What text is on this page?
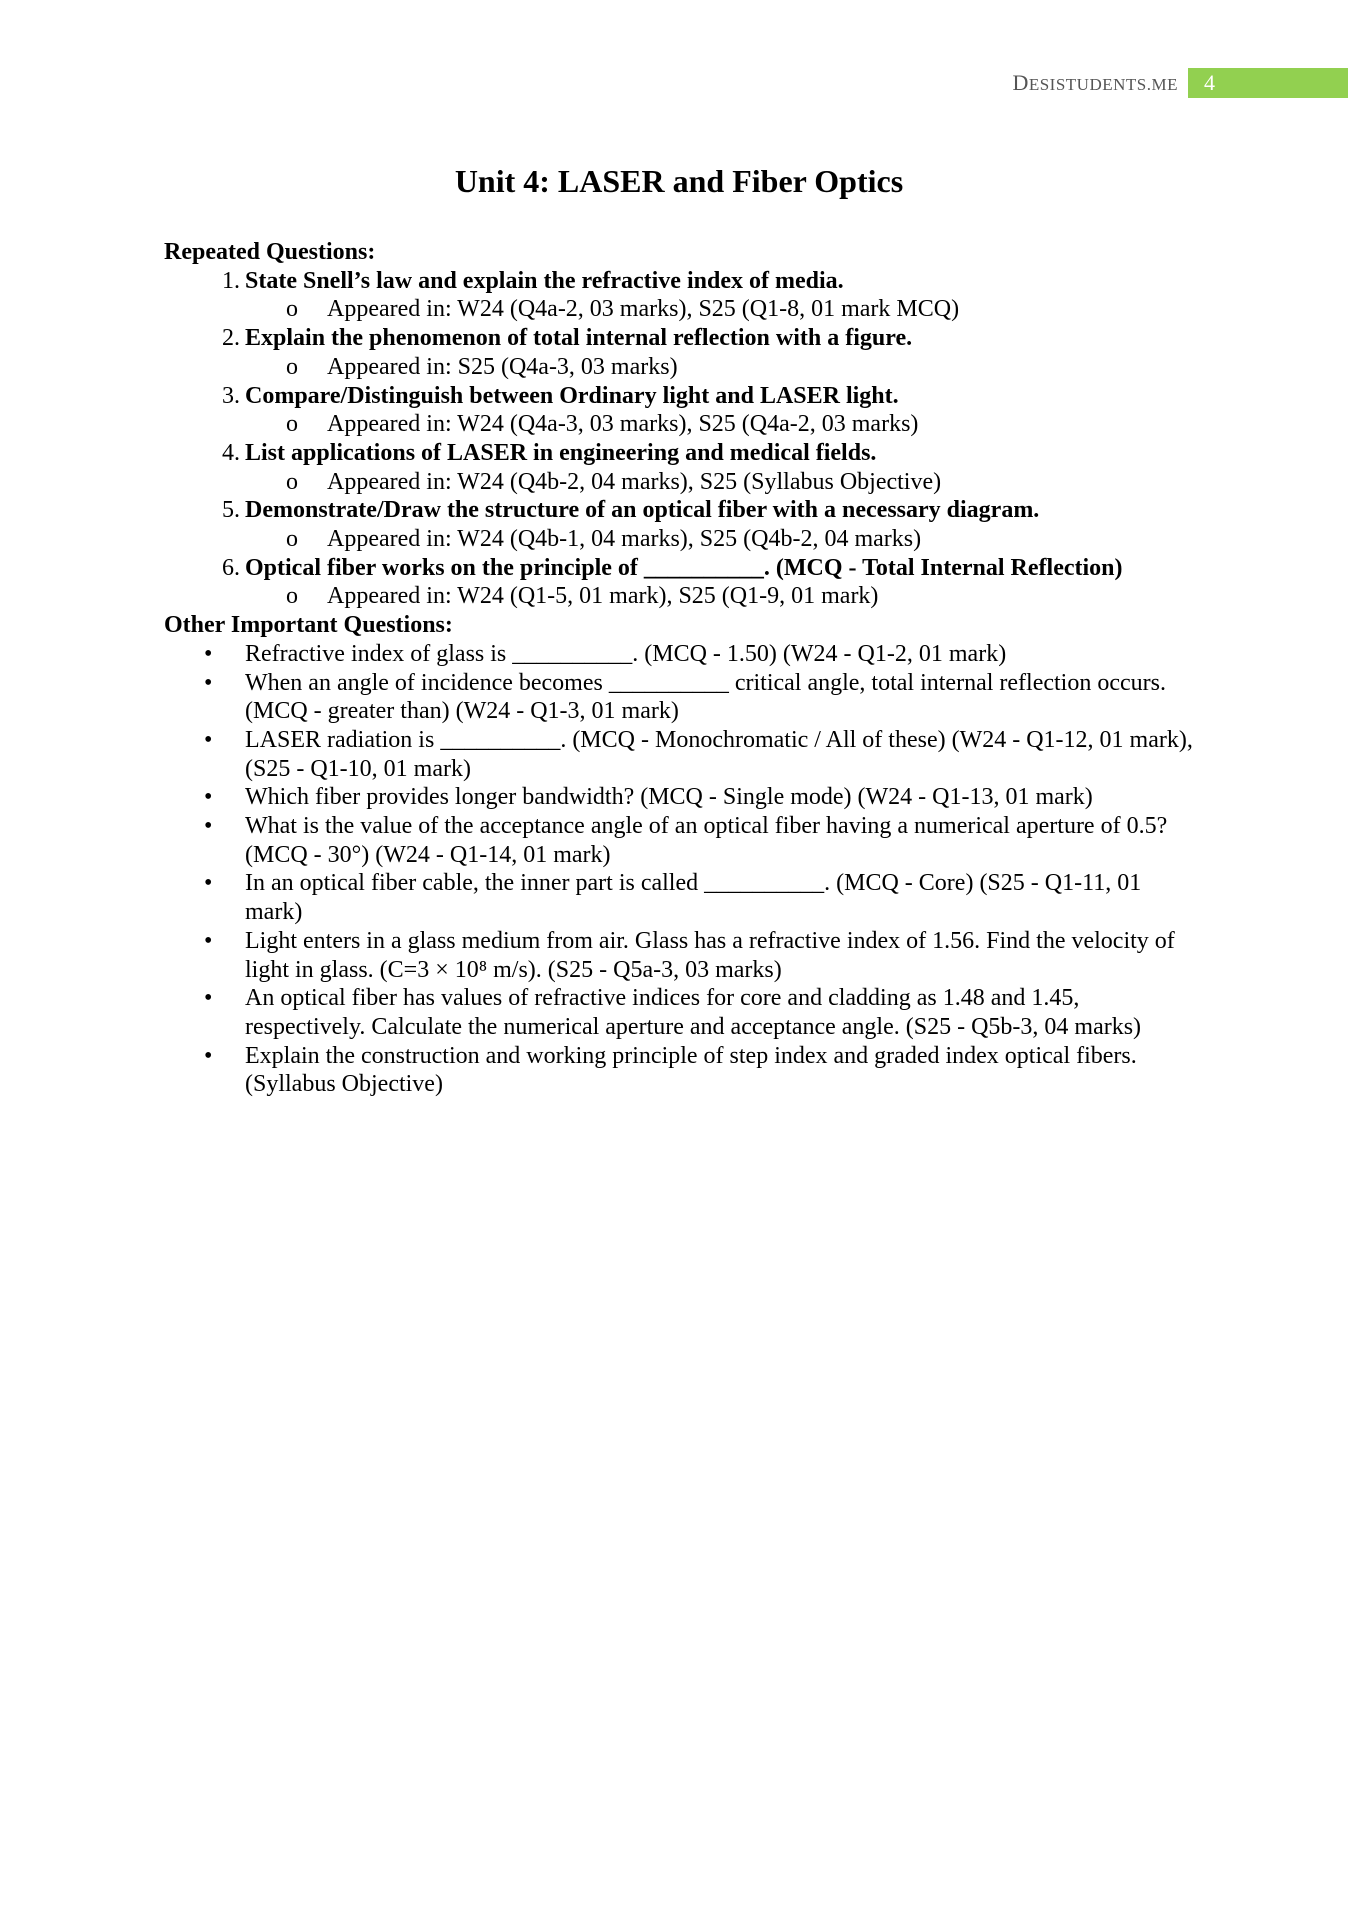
DESISTUDENTS.ME	4
Unit 4: LASER and Fiber Optics
Repeated Questions:
1. State Snell’s law and explain the refractive index of media.
o Appeared in: W24 (Q4a-2, 03 marks), S25 (Q1-8, 01 mark MCQ)
2. Explain the phenomenon of total internal reflection with a figure.
o Appeared in: S25 (Q4a-3, 03 marks)
3. Compare/Distinguish between Ordinary light and LASER light.
o Appeared in: W24 (Q4a-3, 03 marks), S25 (Q4a-2, 03 marks)
4. List applications of LASER in engineering and medical fields.
o Appeared in: W24 (Q4b-2, 04 marks), S25 (Syllabus Objective)
5. Demonstrate/Draw the structure of an optical fiber with a necessary diagram.
o Appeared in: W24 (Q4b-1, 04 marks), S25 (Q4b-2, 04 marks)
6. Optical fiber works on the principle of __________. (MCQ - Total Internal Reflection)
o Appeared in: W24 (Q1-5, 01 mark), S25 (Q1-9, 01 mark)
Other Important Questions:
• Refractive index of glass is __________. (MCQ - 1.50) (W24 - Q1-2, 01 mark)
• When an angle of incidence becomes __________ critical angle, total internal reflection occurs. (MCQ - greater than) (W24 - Q1-3, 01 mark)
• LASER radiation is __________. (MCQ - Monochromatic / All of these) (W24 - Q1-12, 01 mark), (S25 - Q1-10, 01 mark)
• Which fiber provides longer bandwidth? (MCQ - Single mode) (W24 - Q1-13, 01 mark)
• What is the value of the acceptance angle of an optical fiber having a numerical aperture of 0.5? (MCQ - 30°) (W24 - Q1-14, 01 mark)
• In an optical fiber cable, the inner part is called __________. (MCQ - Core) (S25 - Q1-11, 01 mark)
• Light enters in a glass medium from air. Glass has a refractive index of 1.56. Find the velocity of light in glass. (C=3 × 10⁸ m/s). (S25 - Q5a-3, 03 marks)
• An optical fiber has values of refractive indices for core and cladding as 1.48 and 1.45, respectively. Calculate the numerical aperture and acceptance angle. (S25 - Q5b-3, 04 marks)
• Explain the construction and working principle of step index and graded index optical fibers. (Syllabus Objective)
